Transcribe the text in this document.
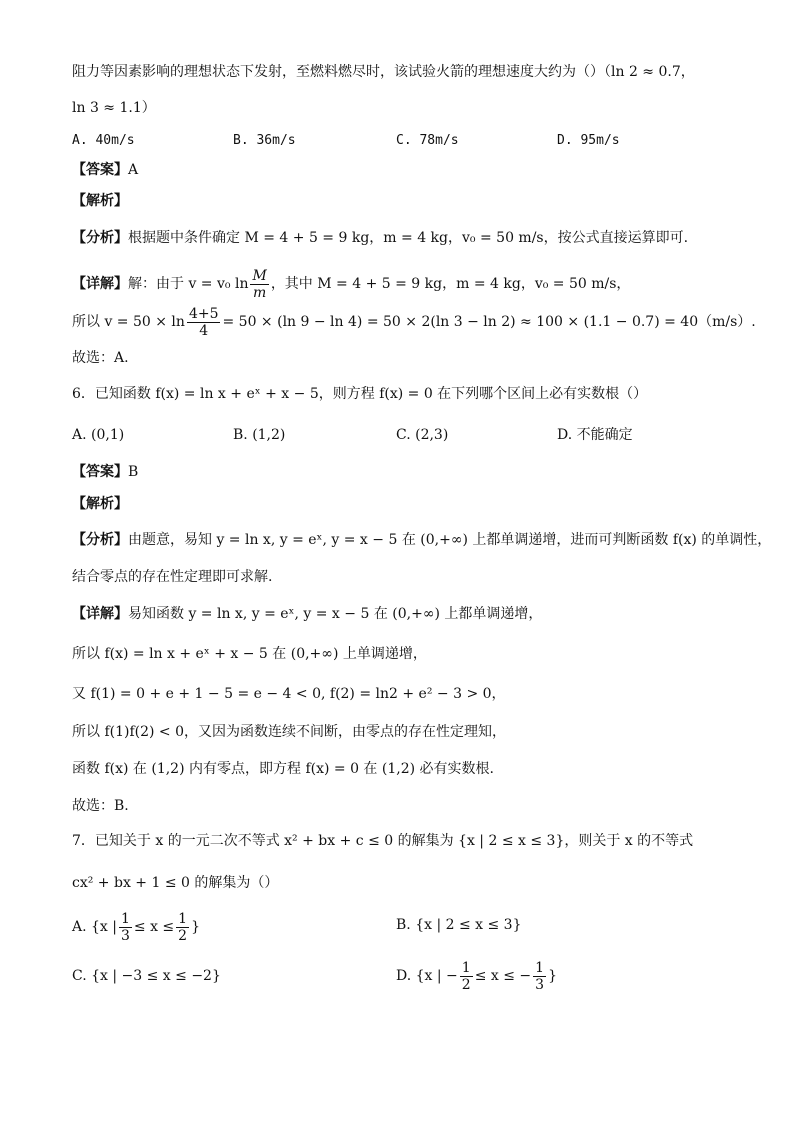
阻力等因素影响的理想状态下发射，至燃料燃尽时，该试验火箭的理想速度大约为（）（ln 2 ≈ 0.7，
ln 3 ≈ 1.1）
A. 40m/s	B. 36m/s	C. 78m/s	D. 95m/s
【答案】A
【解析】
【分析】根据题中条件确定 M = 4 + 5 = 9 kg，m = 4 kg，v₀ = 50 m/s，按公式直接运算即可.
【详解】解：由于 v = v₀ $\ln \frac{M}{m}$ ，其中 M = 4 + 5 = 9 kg，m = 4 kg，v₀ = 50 m/s，
所以 $v = 50 \times \ln \frac{4+5}{4} = 50 \times (\ln$ 9 − ln 4) = 50 × 2(ln 3 − ln 2) ≈ 100 × (1.1 − 0.7) = 40（m/s）.
故选：A.
6．已知函数 f(x) = ln x + eˣ + x − 5，则方程 f(x) = 0 在下列哪个区间上必有实数根（）
A. (0,1)	B. (1,2)	C. (2,3)	D. 不能确定
【答案】B
【解析】
【分析】由题意，易知 y = ln x, y = eˣ, y = x − 5 在 (0,+∞) 上都单调递增，进而可判断函数 f(x) 的单调性，
结合零点的存在性定理即可求解.
【详解】易知函数 y = ln x, y = eˣ, y = x − 5 在 (0,+∞) 上都单调递增，
所以 f(x) = ln x + eˣ + x − 5 在 (0,+∞) 上单调递增，
又 f(1) = 0 + e + 1 − 5 = e − 4 < 0, f(2) = ln2 + e² − 3 > 0，
所以 f(1)f(2) < 0，又因为函数连续不间断，由零点的存在性定理知，
函数 f(x) 在 (1,2) 内有零点，即方程 f(x) = 0 在 (1,2) 必有实数根.
故选：B.
7．已知关于 x 的一元二次不等式 x² + bx + c ≤ 0 的解集为 {x | 2 ≤ x ≤ 3}，则关于 x 的不等式
cx² + bx + 1 ≤ 0 的解集为（）
A. {x | $\frac{1}{3} \le x \le \frac{1}{2}$ }	B. {x | 2 ≤ x ≤ 3}
C. {x | −3 ≤ x ≤ −2}	D. {x | − $\frac{1}{2} \le x$ ≤ − $\frac{1}{3}$ }
